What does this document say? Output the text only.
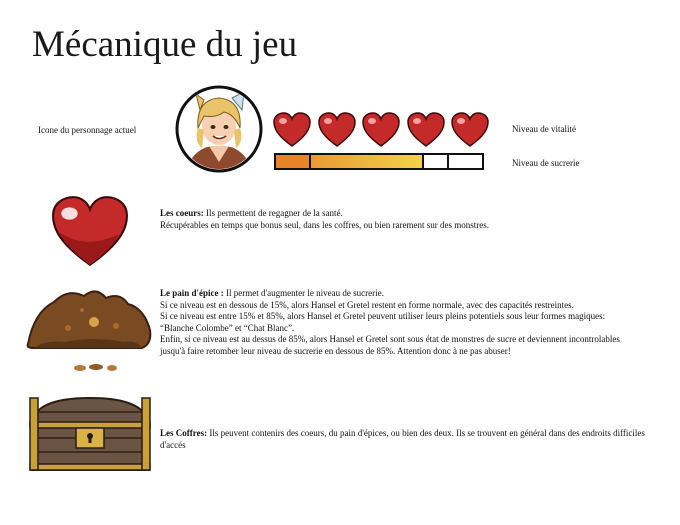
Mécanique du jeu
Icone du personnage actuel	Niveau de vitalité
Niveau de sucrerie
Les coeurs: Ils permettent de regagner de la santé.
Récupérables en temps que bonus seul, dans les coffres, ou bien rarement sur des monstres.
Le pain d'épice : Il permet d'augmenter le niveau de sucrerie.
Si ce niveau est en dessous de 15%, alors Hansel et Gretel restent en forme normale, avec des capacités restreintes.
Si ce niveau est entre 15% et 85%, alors Hansel et Gretel peuvent utiliser leurs pleins potentiels sous leur formes magiques: “Blanche Colombe” et “Chat Blanc”.
Enfin, si ce niveau est au dessus de 85%, alors Hansel et Gretel sont sous état de monstres de sucre et deviennent incontrolables jusqu'à faire retomber leur niveau de sucrerie en dessous de 85%. Attention donc à ne pas abuser!
Les Coffres: Ils peuvent contenirs des coeurs, du pain d'épices, ou bien des deux. Ils se trouvent en général dans des endroits difficiles d'accés
